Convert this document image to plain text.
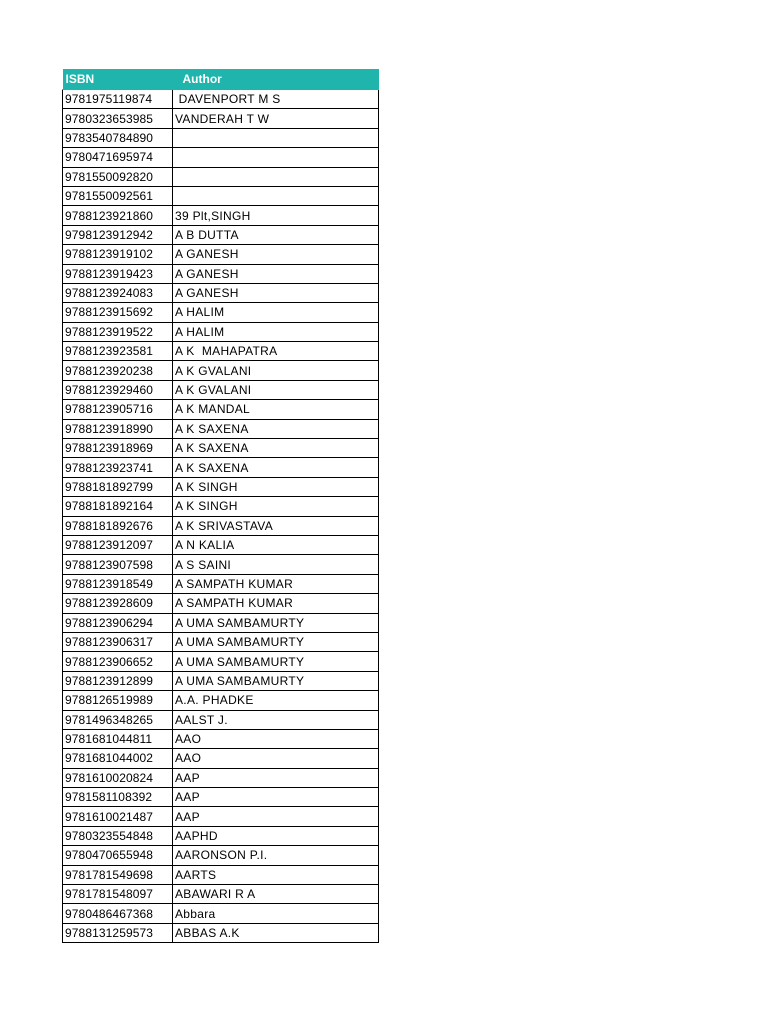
ISBN	Author
9781975119874	DAVENPORT M S
9780323653985	VANDERAH T W
9783540784890	
9780471695974	
9781550092820	
9781550092561	
9788123921860	39 Plt,SINGH
9798123912942	A B DUTTA
9788123919102	A GANESH
9788123919423	A GANESH
9788123924083	A GANESH
9788123915692	A HALIM
9788123919522	A HALIM
9788123923581	A K  MAHAPATRA
9788123920238	A K GVALANI
9788123929460	A K GVALANI
9788123905716	A K MANDAL
9788123918990	A K SAXENA
9788123918969	A K SAXENA
9788123923741	A K SAXENA
9788181892799	A K SINGH
9788181892164	A K SINGH
9788181892676	A K SRIVASTAVA
9788123912097	A N KALIA
9788123907598	A S SAINI
9788123918549	A SAMPATH KUMAR
9788123928609	A SAMPATH KUMAR
9788123906294	A UMA SAMBAMURTY
9788123906317	A UMA SAMBAMURTY
9788123906652	A UMA SAMBAMURTY
9788123912899	A UMA SAMBAMURTY
9788126519989	A.A. PHADKE
9781496348265	AALST J.
9781681044811	AAO
9781681044002	AAO
9781610020824	AAP
9781581108392	AAP
9781610021487	AAP
9780323554848	AAPHD
9780470655948	AARONSON P.I.
9781781549698	AARTS
9781781548097	ABAWARI R A
9780486467368	Abbara
9788131259573	ABBAS A.K
